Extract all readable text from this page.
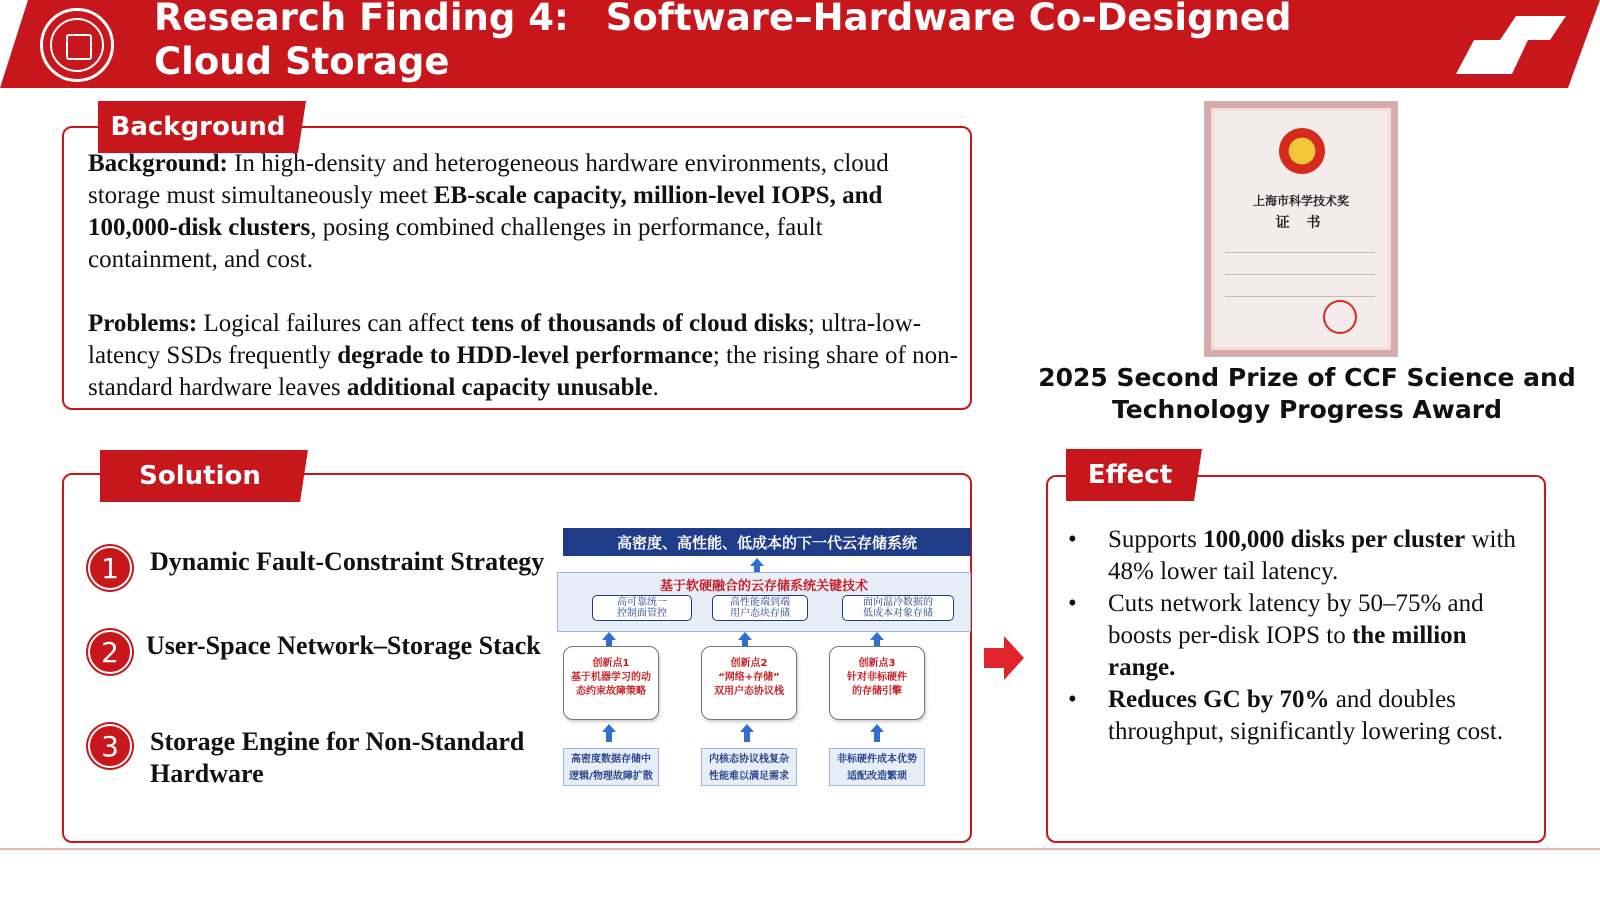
Research Finding 4: Software–Hardware Co-Designed Cloud Storage
Background

Background: In high-density and heterogeneous hardware environments, cloud storage must simultaneously meet EB-scale capacity, million-level IOPS, and 100,000-disk clusters, posing combined challenges in performance, fault containment, and cost.

Problems: Logical failures can affect tens of thousands of cloud disks; ultra-low-latency SSDs frequently degrade to HDD-level performance; the rising share of non-standard hardware leaves additional capacity unusable.

Solution
1	Dynamic Fault-Constraint Strategy
2	User-Space Network–Storage Stack
3	Storage Engine for Non-Standard Hardware
高密度、高性能、低成本的下一代云存储系统
基于软硬融合的云存储系统关键技术
高可靠统一
控制面管控
高性能端到端
用户态块存储
面向温冷数据的
低成本对象存储
创新点1
基于机器学习的动
态约束故障策略
创新点2
“网络+存储”
双用户态协议栈
创新点3
针对非标硬件
的存储引擎
高密度数据存储中
逻辑/物理故障扩散
内核态协议栈复杂
性能难以满足需求
非标硬件成本优势
适配改造繁琐
上海市科学技术奖
证 书
2025 Second Prize of CCF Science and Technology Progress Award
Effect
• Supports 100,000 disks per cluster with 48% lower tail latency.
• Cuts network latency by 50–75% and boosts per-disk IOPS to the million range.
• Reduces GC by 70% and doubles throughput, significantly lowering cost.
